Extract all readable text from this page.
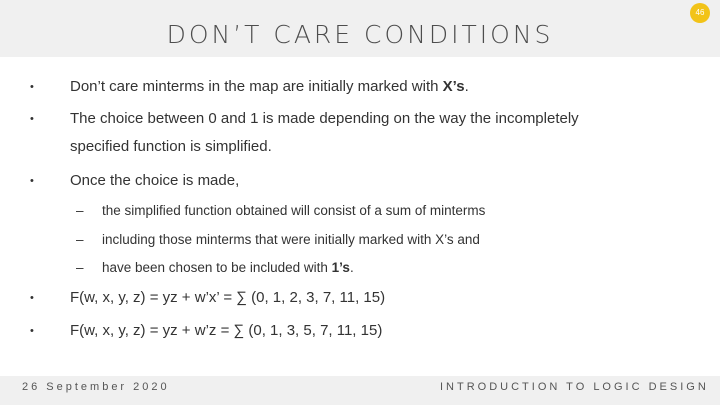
DON’T CARE CONDITIONS
46
•	Don’t care minterms in the map are initially marked with X’s.
•	The choice between 0 and 1 is made depending on the way the incompletely
specified function is simplified.
•	Once the choice is made,
– the simplified function obtained will consist of a sum of minterms
– including those minterms that were initially marked with X’s and
– have been chosen to be included with 1’s.
•	F(w, x, y, z) = yz + w’x’ = ∑ (0, 1, 2, 3, 7, 11, 15)
•	F(w, x, y, z) = yz + w’z = ∑ (0, 1, 3, 5, 7, 11, 15)
26 September 2020	INTRODUCTION TO LOGIC DESIGN
